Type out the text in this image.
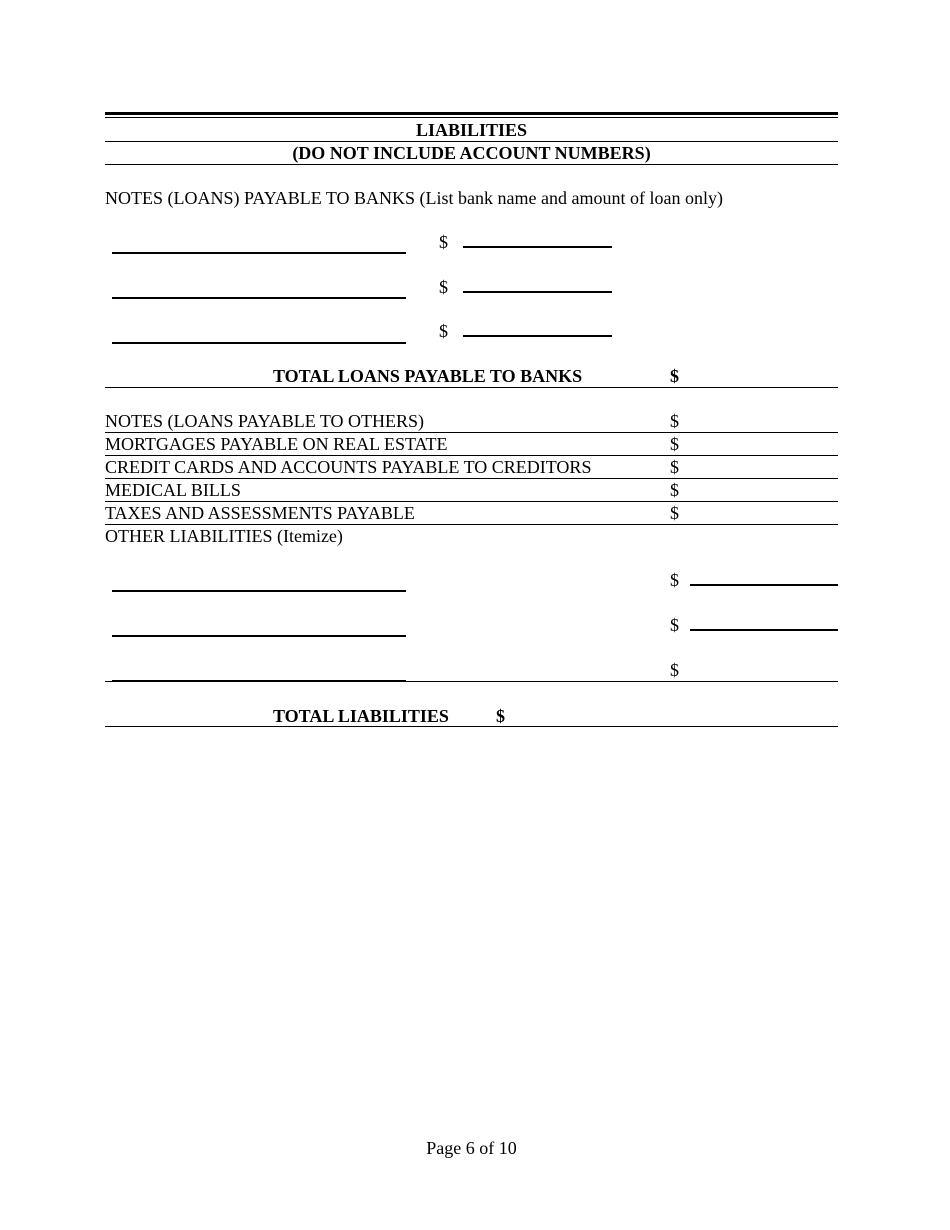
LIABILITIES
(DO NOT INCLUDE ACCOUNT NUMBERS)
NOTES (LOANS) PAYABLE TO BANKS (List bank name and amount of loan only)
$
$
$
TOTAL LOANS PAYABLE TO BANKS	$
NOTES (LOANS PAYABLE TO OTHERS)	$
MORTGAGES PAYABLE ON REAL ESTATE	$
CREDIT CARDS AND ACCOUNTS PAYABLE TO CREDITORS	$
MEDICAL BILLS	$
TAXES AND ASSESSMENTS PAYABLE	$
OTHER LIABILITIES (Itemize)
$
$
$
TOTAL LIABILITIES	$
Page 6 of 10
